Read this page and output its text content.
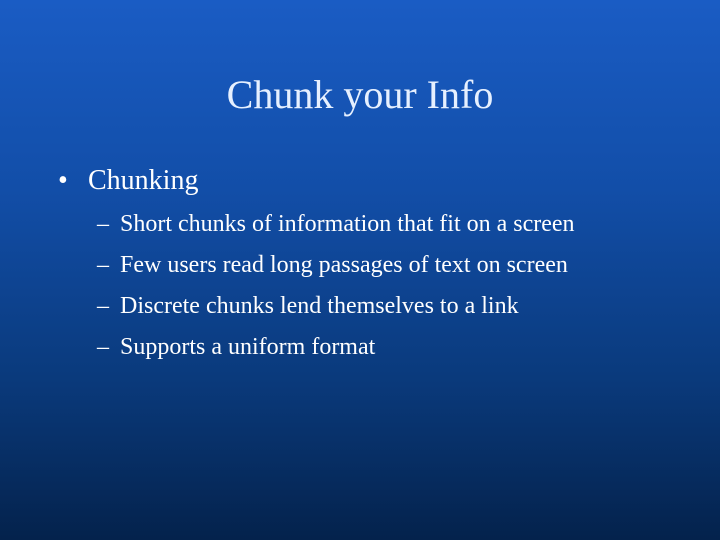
Chunk your Info
• Chunking
– Short chunks of information that fit on a screen
– Few users read long passages of text on screen
– Discrete chunks lend themselves to a link
– Supports a uniform format
